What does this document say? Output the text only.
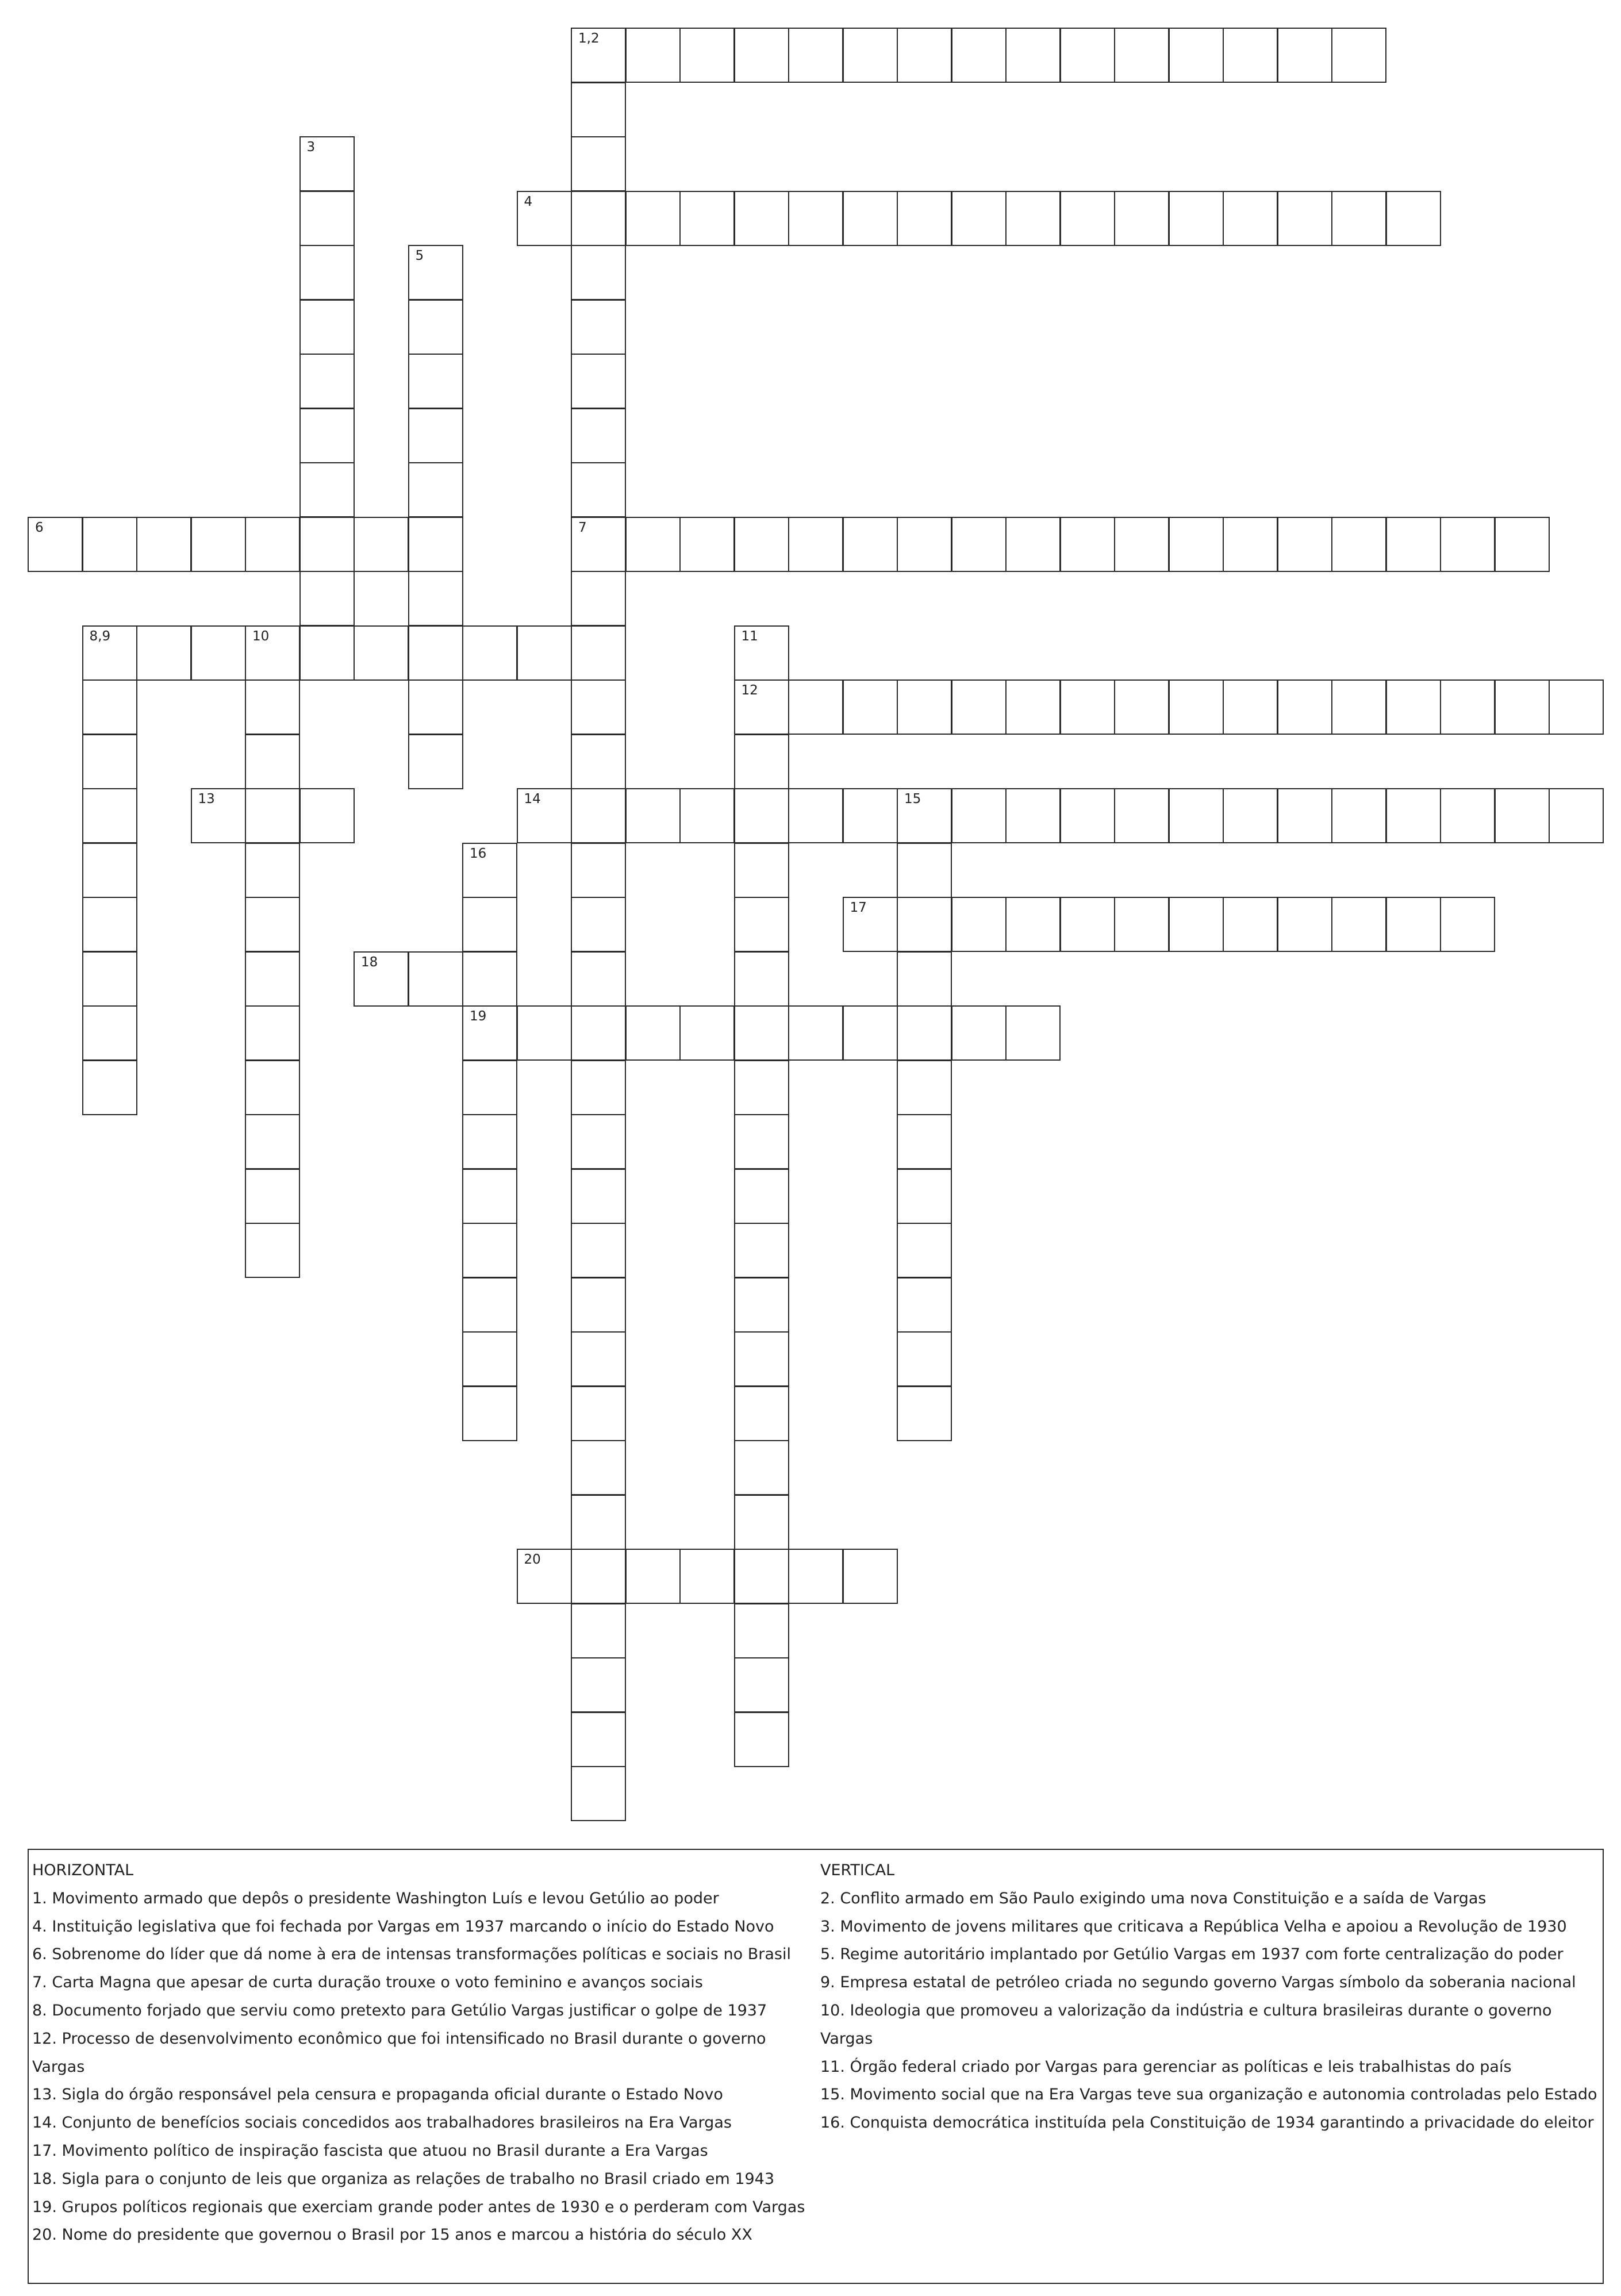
1,2
7
3
4
5
6
8,9	10	11
12
13	14	15
16
19
17
18
20
HORIZONTAL
1. Movimento armado que depôs o presidente Washington Luís e levou Getúlio ao poder
4. Instituição legislativa que foi fechada por Vargas em 1937 marcando o início do Estado Novo
6. Sobrenome do líder que dá nome à era de intensas transformações políticas e sociais no Brasil
7. Carta Magna que apesar de curta duração trouxe o voto feminino e avanços sociais
8. Documento forjado que serviu como pretexto para Getúlio Vargas justificar o golpe de 1937
12. Processo de desenvolvimento econômico que foi intensificado no Brasil durante o governo Vargas
13. Sigla do órgão responsável pela censura e propaganda oficial durante o Estado Novo
14. Conjunto de benefícios sociais concedidos aos trabalhadores brasileiros na Era Vargas
17. Movimento político de inspiração fascista que atuou no Brasil durante a Era Vargas
18. Sigla para o conjunto de leis que organiza as relações de trabalho no Brasil criado em 1943
19. Grupos políticos regionais que exerciam grande poder antes de 1930 e o perderam com Vargas
20. Nome do presidente que governou o Brasil por 15 anos e marcou a história do século XX
VERTICAL
2. Conflito armado em São Paulo exigindo uma nova Constituição e a saída de Vargas
3. Movimento de jovens militares que criticava a República Velha e apoiou a Revolução de 1930
5. Regime autoritário implantado por Getúlio Vargas em 1937 com forte centralização do poder
9. Empresa estatal de petróleo criada no segundo governo Vargas símbolo da soberania nacional
10. Ideologia que promoveu a valorização da indústria e cultura brasileiras durante o governo Vargas
11. Órgão federal criado por Vargas para gerenciar as políticas e leis trabalhistas do país
15. Movimento social que na Era Vargas teve sua organização e autonomia controladas pelo Estado
16. Conquista democrática instituída pela Constituição de 1934 garantindo a privacidade do eleitor
